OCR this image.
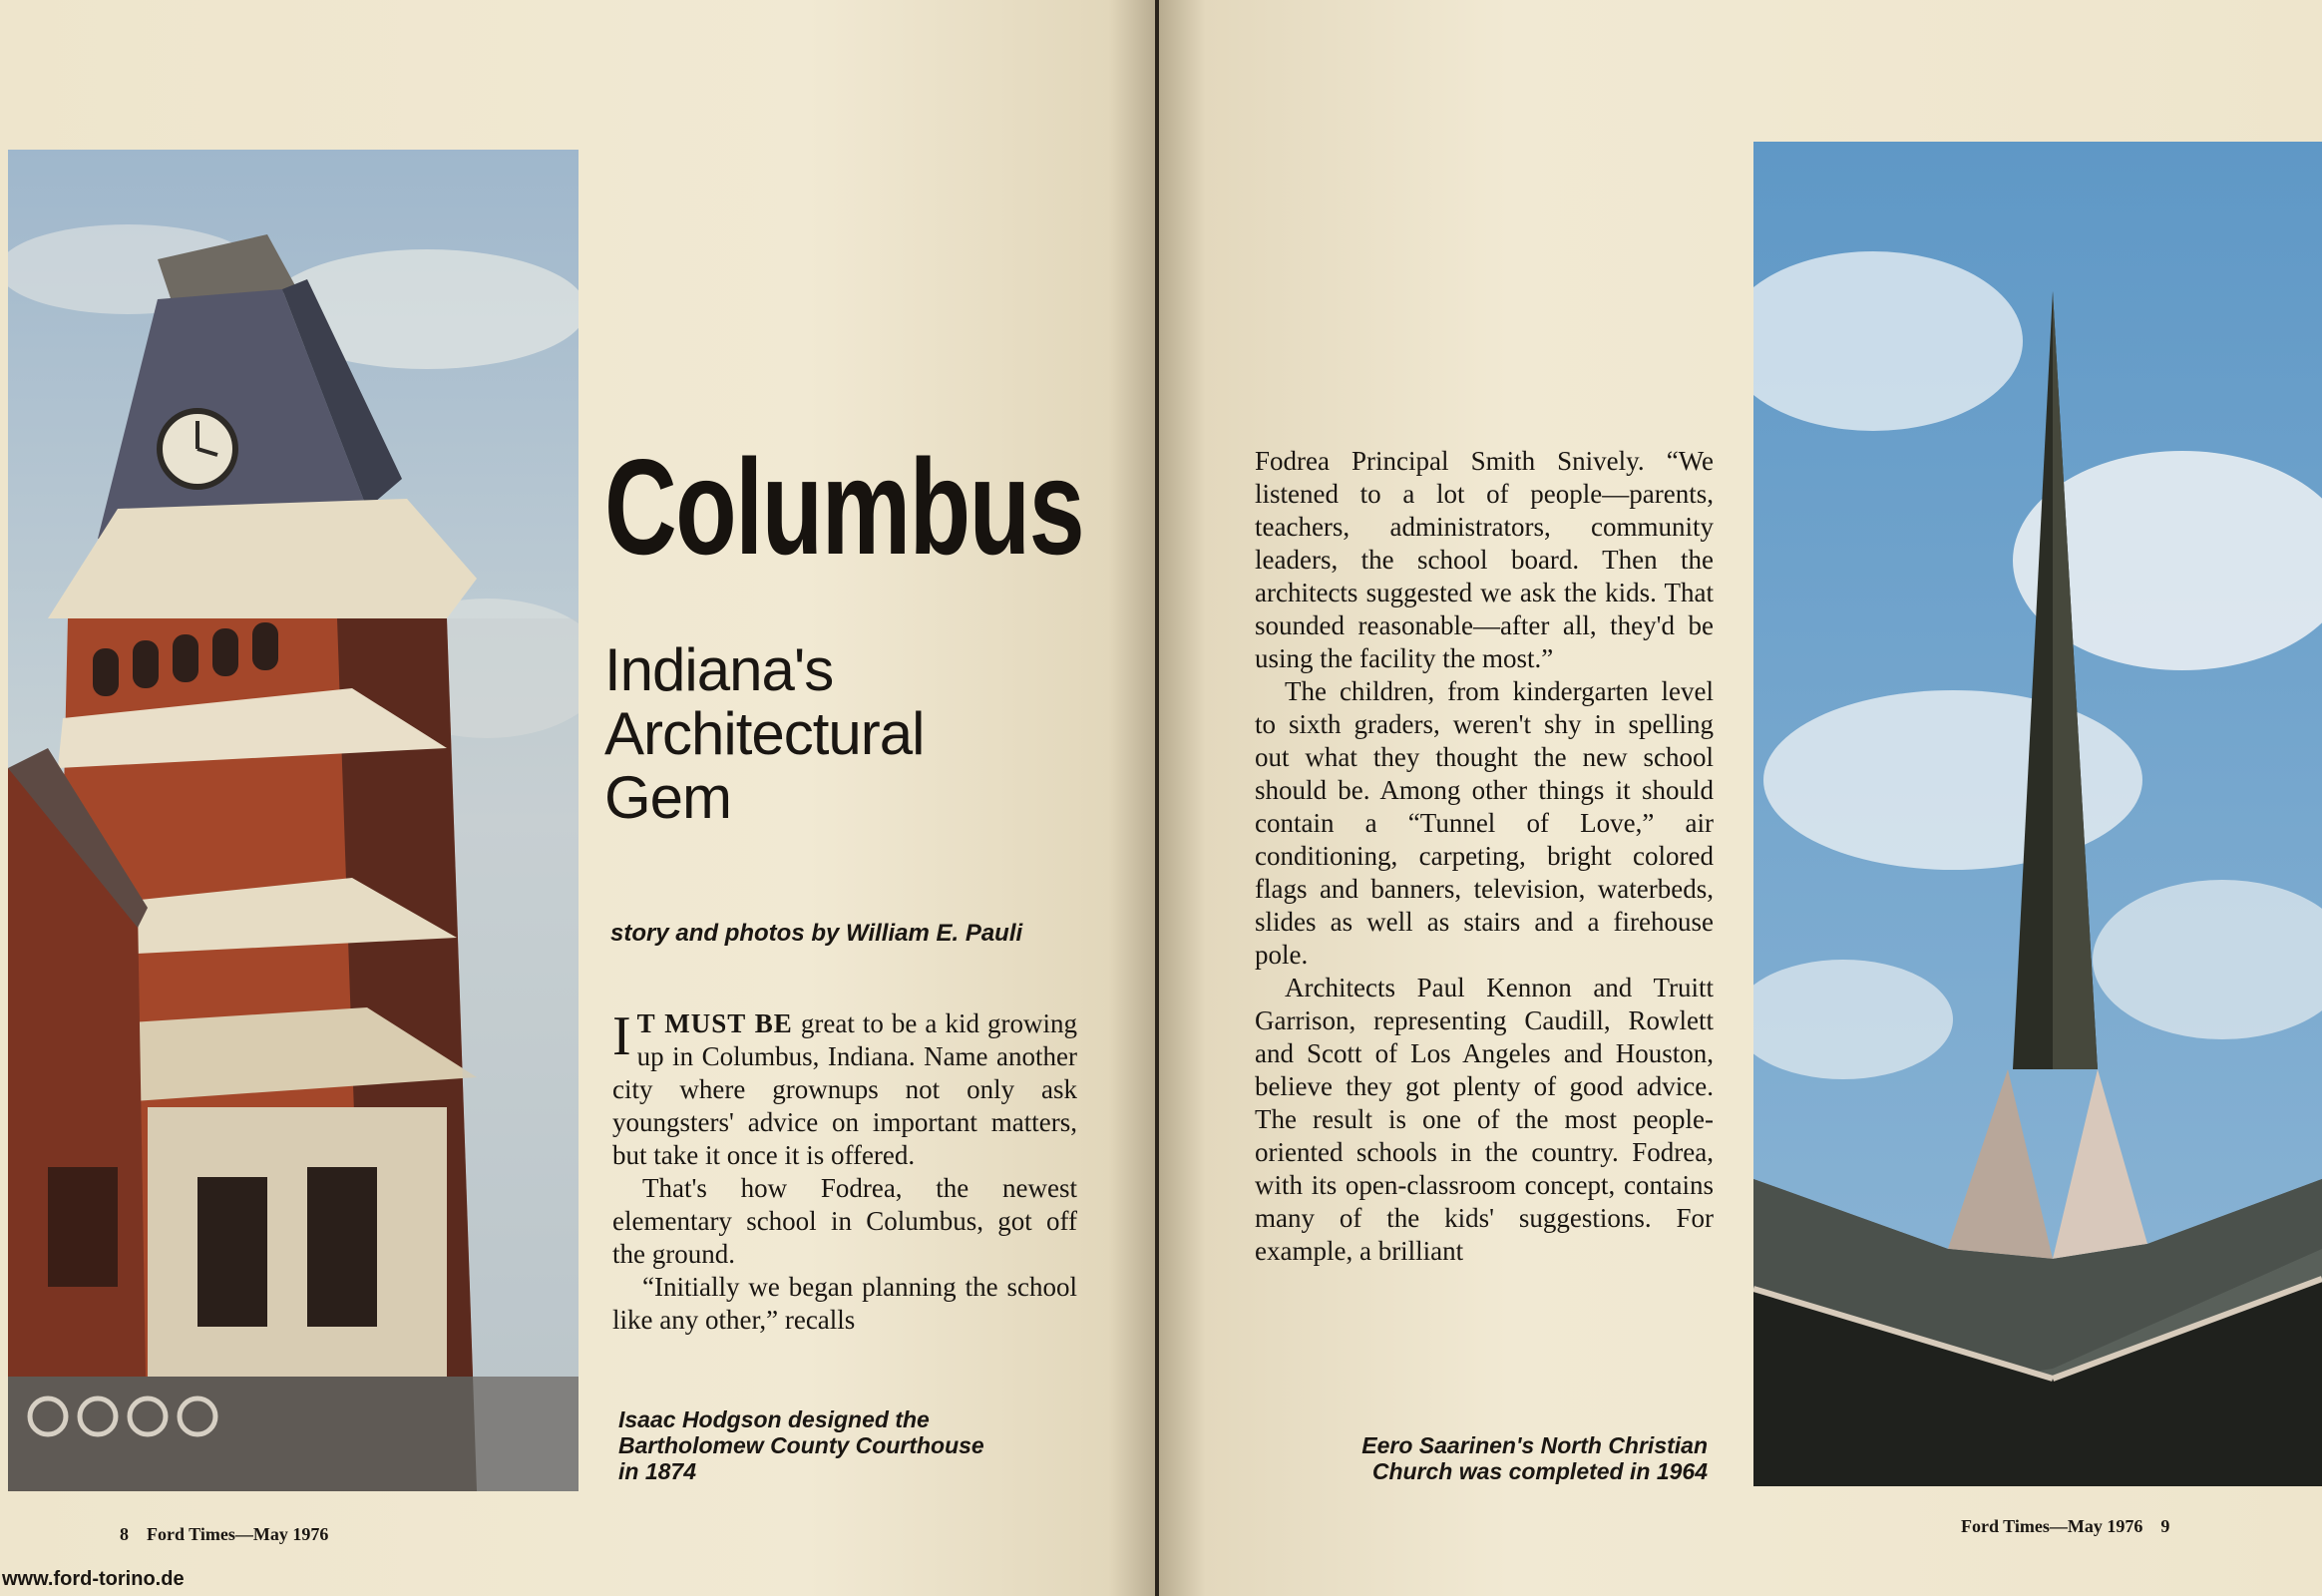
Columbus
Indiana's
Architectural
Gem
story and photos by William E. Pauli

I T MUST BE great to be a kid growing up in Columbus, Indiana. Name another city where grownups not only ask youngsters' advice on important matters, but take it once it is offered.

That's how Fodrea, the newest elementary school in Columbus, got off the ground.

“Initially we began planning the school like any other,” recalls

Isaac Hodgson designed the Bartholomew County Courthouse in 1874
8    Ford Times—May 1976
www.ford-torino.de

Fodrea Principal Smith Snively. “We listened to a lot of people—parents, teachers, administrators, community leaders, the school board. Then the architects suggested we ask the kids. That sounded reasonable—after all, they'd be using the facility the most.”

The children, from kindergarten level to sixth graders, weren't shy in spelling out what they thought the new school should be. Among other things it should contain a “Tunnel of Love,” air conditioning, carpeting, bright colored flags and banners, television, waterbeds, slides as well as stairs and a firehouse pole.

Architects Paul Kennon and Truitt Garrison, representing Caudill, Rowlett and Scott of Los Angeles and Houston, believe they got plenty of good advice. The result is one of the most people-oriented schools in the country. Fodrea, with its open-classroom concept, contains many of the kids' suggestions. For example, a brilliant

Eero Saarinen's North Christian Church was completed in 1964
Ford Times—May 1976    9
